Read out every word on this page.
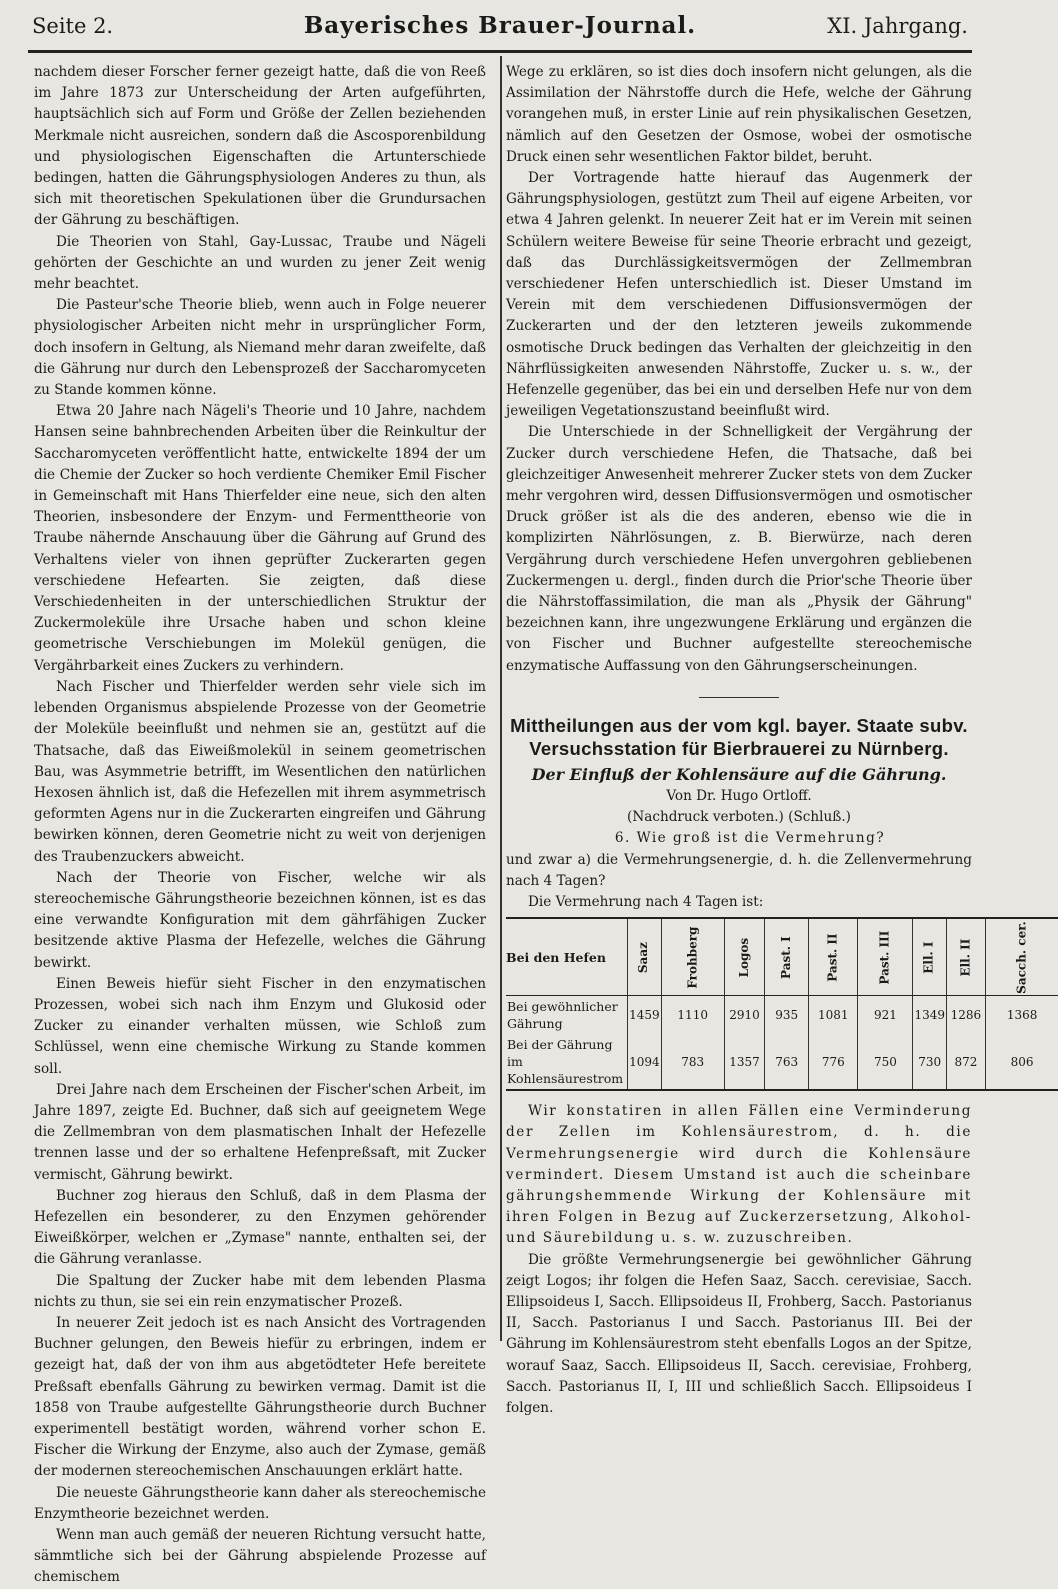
Seite 2.	Bayerisches Brauer-Journal.	XI. Jahrgang.

nachdem dieser Forscher ferner gezeigt hatte, daß die von Reeß im Jahre 1873 zur Unterscheidung der Arten aufgeführten, hauptsächlich sich auf Form und Größe der Zellen beziehenden Merkmale nicht ausreichen, sondern daß die Ascosporenbildung und physiologischen Eigenschaften die Artunterschiede bedingen, hatten die Gährungsphysiologen Anderes zu thun, als sich mit theoretischen Spekulationen über die Grundursachen der Gährung zu beschäftigen.

Die Theorien von Stahl, Gay-Lussac, Traube und Nägeli gehörten der Geschichte an und wurden zu jener Zeit wenig mehr beachtet.

Die Pasteur'sche Theorie blieb, wenn auch in Folge neuerer physiologischer Arbeiten nicht mehr in ursprünglicher Form, doch insofern in Geltung, als Niemand mehr daran zweifelte, daß die Gährung nur durch den Lebensprozeß der Saccharomyceten zu Stande kommen könne.

Etwa 20 Jahre nach Nägeli's Theorie und 10 Jahre, nachdem Hansen seine bahnbrechenden Arbeiten über die Reinkultur der Saccharomyceten veröffentlicht hatte, entwickelte 1894 der um die Chemie der Zucker so hoch verdiente Chemiker Emil Fischer in Gemeinschaft mit Hans Thierfelder eine neue, sich den alten Theorien, insbesondere der Enzym- und Fermenttheorie von Traube nähernde Anschauung über die Gährung auf Grund des Verhaltens vieler von ihnen geprüfter Zuckerarten gegen verschiedene Hefearten. Sie zeigten, daß diese Verschiedenheiten in der unterschiedlichen Struktur der Zuckermoleküle ihre Ursache haben und schon kleine geometrische Verschiebungen im Molekül genügen, die Vergährbarkeit eines Zuckers zu verhindern.

Nach Fischer und Thierfelder werden sehr viele sich im lebenden Organismus abspielende Prozesse von der Geometrie der Moleküle beeinflußt und nehmen sie an, gestützt auf die Thatsache, daß das Eiweißmolekül in seinem geometrischen Bau, was Asymmetrie betrifft, im Wesentlichen den natürlichen Hexosen ähnlich ist, daß die Hefezellen mit ihrem asymmetrisch geformten Agens nur in die Zuckerarten eingreifen und Gährung bewirken können, deren Geometrie nicht zu weit von derjenigen des Traubenzuckers abweicht.

Nach der Theorie von Fischer, welche wir als stereochemische Gährungstheorie bezeichnen können, ist es das eine verwandte Konfiguration mit dem gährfähigen Zucker besitzende aktive Plasma der Hefezelle, welches die Gährung bewirkt.

Einen Beweis hiefür sieht Fischer in den enzymatischen Prozessen, wobei sich nach ihm Enzym und Glukosid oder Zucker zu einander verhalten müssen, wie Schloß zum Schlüssel, wenn eine chemische Wirkung zu Stande kommen soll.

Drei Jahre nach dem Erscheinen der Fischer'schen Arbeit, im Jahre 1897, zeigte Ed. Buchner, daß sich auf geeignetem Wege die Zellmembran von dem plasmatischen Inhalt der Hefezelle trennen lasse und der so erhaltene Hefenpreßsaft, mit Zucker vermischt, Gährung bewirkt.

Buchner zog hieraus den Schluß, daß in dem Plasma der Hefezellen ein besonderer, zu den Enzymen gehörender Eiweißkörper, welchen er „Zymase" nannte, enthalten sei, der die Gährung veranlasse.

Die Spaltung der Zucker habe mit dem lebenden Plasma nichts zu thun, sie sei ein rein enzymatischer Prozeß.

In neuerer Zeit jedoch ist es nach Ansicht des Vortragenden Buchner gelungen, den Beweis hiefür zu erbringen, indem er gezeigt hat, daß der von ihm aus abgetödteter Hefe bereitete Preßsaft ebenfalls Gährung zu bewirken vermag. Damit ist die 1858 von Traube aufgestellte Gährungstheorie durch Buchner experimentell bestätigt worden, während vorher schon E. Fischer die Wirkung der Enzyme, also auch der Zymase, gemäß der modernen stereochemischen Anschauungen erklärt hatte.

Die neueste Gährungstheorie kann daher als stereochemische Enzymtheorie bezeichnet werden.

Wenn man auch gemäß der neueren Richtung versucht hatte, sämmtliche sich bei der Gährung abspielende Prozesse auf chemischem

Wege zu erklären, so ist dies doch insofern nicht gelungen, als die Assimilation der Nährstoffe durch die Hefe, welche der Gährung vorangehen muß, in erster Linie auf rein physikalischen Gesetzen, nämlich auf den Gesetzen der Osmose, wobei der osmotische Druck einen sehr wesentlichen Faktor bildet, beruht.

Der Vortragende hatte hierauf das Augenmerk der Gährungsphysiologen, gestützt zum Theil auf eigene Arbeiten, vor etwa 4 Jahren gelenkt. In neuerer Zeit hat er im Verein mit seinen Schülern weitere Beweise für seine Theorie erbracht und gezeigt, daß das Durchlässigkeitsvermögen der Zellmembran verschiedener Hefen unterschiedlich ist. Dieser Umstand im Verein mit dem verschiedenen Diffusionsvermögen der Zuckerarten und der den letzteren jeweils zukommende osmotische Druck bedingen das Verhalten der gleichzeitig in den Nährflüssigkeiten anwesenden Nährstoffe, Zucker u. s. w., der Hefenzelle gegenüber, das bei ein und derselben Hefe nur von dem jeweiligen Vegetationszustand beeinflußt wird.

Die Unterschiede in der Schnelligkeit der Vergährung der Zucker durch verschiedene Hefen, die Thatsache, daß bei gleichzeitiger Anwesenheit mehrerer Zucker stets von dem Zucker mehr vergohren wird, dessen Diffusionsvermögen und osmotischer Druck größer ist als die des anderen, ebenso wie die in komplizirten Nährlösungen, z. B. Bierwürze, nach deren Vergährung durch verschiedene Hefen unvergohren gebliebenen Zuckermengen u. dergl., finden durch die Prior'sche Theorie über die Nährstoffassimilation, die man als „Physik der Gährung" bezeichnen kann, ihre ungezwungene Erklärung und ergänzen die von Fischer und Buchner aufgestellte stereochemische enzymatische Auffassung von den Gährungserscheinungen.

Mittheilungen aus der vom kgl. bayer. Staate subv. Versuchsstation für Bierbrauerei zu Nürnberg.
Der Einfluß der Kohlensäure auf die Gährung.
Von Dr. Hugo Ortloff.
(Nachdruck verboten.) (Schluß.)

6. Wie groß ist die Vermehrung?

und zwar a) die Vermehrungsenergie, d. h. die Zellenvermehrung nach 4 Tagen?

Die Vermehrung nach 4 Tagen ist:

Bei den Hefen	Saaz	Frohberg	Logos	Past. I	Past. II	Past. III	Ell. I	Ell. II	Sacch. cer.
Bei gewöhnlicher Gährung	1459	1110	2910	935	1081	921	1349	1286	1368
Bei der Gährung im Kohlensäurestrom	1094	783	1357	763	776	750	730	872	806

Wir konstatiren in allen Fällen eine Verminderung der Zellen im Kohlensäurestrom, d. h. die Vermehrungsenergie wird durch die Kohlensäure vermindert. Diesem Umstand ist auch die scheinbare gährungshemmende Wirkung der Kohlensäure mit ihren Folgen in Bezug auf Zuckerzersetzung, Alkohol- und Säurebildung u. s. w. zuzuschreiben.

Die größte Vermehrungsenergie bei gewöhnlicher Gährung zeigt Logos; ihr folgen die Hefen Saaz, Sacch. cerevisiae, Sacch. Ellipsoideus I, Sacch. Ellipsoideus II, Frohberg, Sacch. Pastorianus II, Sacch. Pastorianus I und Sacch. Pastorianus III. Bei der Gährung im Kohlensäurestrom steht ebenfalls Logos an der Spitze, worauf Saaz, Sacch. Ellipsoideus II, Sacch. cerevisiae, Frohberg, Sacch. Pastorianus II, I, III und schließlich Sacch. Ellipsoideus I folgen.
